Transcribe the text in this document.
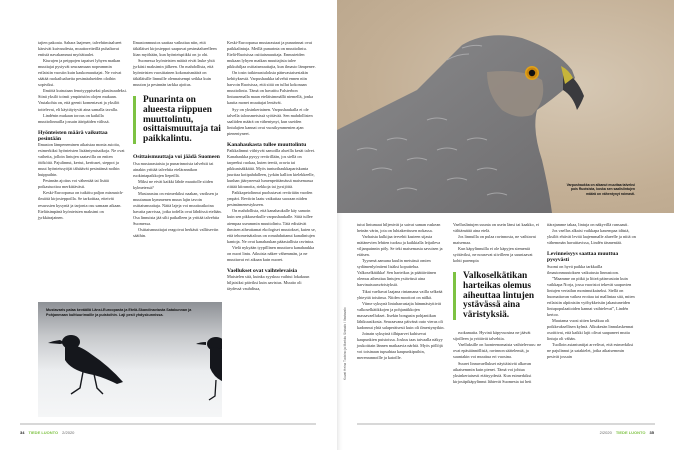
tajien pakoata. Sahara laajenee, talvehtimisalueet kärsivät kuivuudesta, muuttoreiteillä puhaltavat entistä navakammat myötätuulet.

Kiurujen ja peippojen tapaiset lyhyen matkan muuttajat pystyvät seuraamaan nopeammin erilaisiin vuosiin kuin kaukomuuttajat. Ne voivat säätää ruokailualueita pesimäalueiden oloihin sopiviksi.

Ilmiötä kutsutaan fenotyyppiseksi plastisuudeksi. Siinä yksilö toimii ympäristön olojen mukaan. Vastakohta on, että geenit komentavat ja yksilöt tottelevat, eli käyttäytyvät aina samalla tavalla.

Lindénin mukaan torous on kaikilla muuttolinnuilla jossain ääripäiden välissä.

Hyönteisten määrä vaikuttaa pesintään

Ilmaston lämpeneminen aikaistaa monia asioita, esimerkiksi hyönteisten lisääntymisaikoja. Ne ovat vaiheita, jolloin lintujen saatavilla on eniten ötököitä. Pajulinnut, kertut, kerttuset, sieppot ja muut hyönteissyöjät tähtäävät pesintänsä noihin huippuihin.

Pesinnän ajoitus voi vähentää tai lisätä poikastuottoa merkittävästi.

Keski-Euroopassa on tutkittu paljon mismatch-ilmiötä kirjosieppoilla. Se tarkoittaa, etteivät resurssien kysyntä ja tarjonta osu samaan aikaan. Eteläisimpänä hyönteisten maksimi on jyrkkärajainen.

Ilmastonmuutos saattaa vaikuttaa niin, että täkäläiset kirjosieppot saapuvat pesimäalueelleen liian myöhään, kun hyönteispiikki on jo ohi.

Suomessa hyönteisten määrä eivät laske yhtä jyrkästi maksimin jälkeen. On mahdollista, että hyönteisten vuosittainen kokonaismäärä on täkäläisille linnuille olennaisempi seikka kuin muuton ja pesinnän tarkka ajoitus.

Punarinta on alueesta riippuen muuttolintu, osittaismuuttaja tai paikkalintu.
Osittaismuuttaja voi jäädä Suomeen

Osa mustarastaista ja punarinnoista talvehtii tai ainakin yrittää talvehtia etelärannikon ruokintapaikkojen liepeillä.

Miksi ne eivät kaikki lähde muuttolle siiden kylmetessä?

Mustarastas on esimerkiksi naakan, variksen ja muutaman kymmenen muun lajin tavoin osittaismuuttaja. Näitä lajeja voi muuttoaikoina havaita parvissa, jotka todella ovat lähdössä etelään. Osa linnuista jää silti paikalleen ja yrittää talvehtia Suomessa.

Osittaismuuttajat reagoivat herkästi vallitseviin sääihin.

Keski-Euroopassa mustarastaat ja punarinnat ovat paikkalintuja. Meillä punarinta on muuttolintu. Etelä-Ruotsissa osittaismuuttaja. Ennusteiden mukaan lyhyen matkan muuttajista tulee pikkuhiljaa osittaismuuttajia, kun ilmasto lämpenee.

On tosin tutkimustuloksia päinvastaisestakin kehityksestä. Varpushaukka talvehti ennen niin harvoin Ruotsissa, että siitä on tullut kokonaan muuttolintu. Tämä on havaittu Falsterbon lintuasemalla maan eteläisimmällä niemellä, jonka kautta monet muuttajat lentävät.

Syy on yksinkertainen. Varpushaukalla ei ole talvella talousmetsissä syötävää. Sen mahdollisten saaliiden määrä on vähentynyt, kun useiden lintulajien kannat ovat vuosikymmenien ajan pienentyneet.

Kanahaukasta tullee muuttolintu

Paikkalinnut viihtyvät samoilla alueilla kesät talvet. Kanahaukka pysyy reviirillään, jos siellä on tarpeeksi ruokaa, kuten teeriä, oravia tai pikkunisäkkäitä. Myös tunturihaukkapariskunta juurttaa kotipahdalleen, jyrkän kallion kielekkeelle, kunhan jääryneessä lumenpeittämässä maisemassa riittää kiirunoita, riekkoja tai jyrsijöitä.

Paikkapetolinnut puolustavat reviiriään vuoden ympäri. Reviirin laatu vaikuttaa suoraan niiden pesimämenestykseen.

On mahdollista, että kanahaukalle käy samoin kuin sen pikkuserkulle varpushaukalle. Siitä tullee aiempaa useammin muuttolintu. Tätä edistävät ihmisen aiheuttamat ekologiset muutokset, kuten se, että tehometsätalous on romahduttanut kanalintujen kantoja. Ne ovat kanahaukan pääasiallista ravintoa.

Vielä nykyään tyypillinen muuttava kanahaukka on nuori lintu. Aikuisia näkee vähemmän, ja ne muuttavat eri aikaan kuin nuoret.

Vaellukset ovat vaihtelevaisia

Muistelen sitä, kuinka syyskuu vaihtui lokakuun hiljaisiksi päiviksi kuin aavistus. Muutto oli täydessä vauhdissa,

Mustavaris palaa keväällä Länsi-Euroopasta ja Etelä-Skandinaviasta Satakunnan ja Pohjanmaan kulttuurimaille ja puistoihin. Laji pesii yhdyskunnissa.
34 TIEDE LUONTO 2/2020
Varpushaukka on alkanut muuttaa talveksi pois Ruotsista, koska sen saalislintujen määrä on vähentynyt roimasti.
Kuvat Heinz Tuohino ja Markku Sinisalo / Vastavalo

tutut lintumaat hiljenivät ja saivat saman ruskean heinän värin, jota on luhtakerttusen nokassa.

Varhaista kulkijaa tervehti kasteen sijasta mätänevien lehtien tuoksu ja kaikkialla leijaileva viljanpuinnin pöly. Se teki maisemasta savuisen ja etäisen.

Tyynenä aamuna kuulin metsässä omien sydämenlyöntieni lisäksi koputtelua. Valkoselkätikka! Sen harteikas ja päättäväinen olemus aiheuttaa lintujen ystävässä aina harvinaisuusväristyksiä.

Tikat vaeltavat laajana rintamana vailla selkeää yhteyttä toisiinsa. Niiden moottori on nälkä.

Viime syksynä lintuharrastajia hämmästyttivät valkoselkätikkojen ja pohjantikkojen massavaellukset. Itsekin bongasin pohjantikan lähikuusikosta. Seuraavana päivänä outo vieras oli kadonnut yhtä salaperäisesti kuin oli ilmestynytkin.

Joinain syksyinä tilhiparvet kuhisevat kaupunkien puistoissa. Joskus taas taivaalla näkyy joukoittain lännen matkaavia närhiä. Myös pöllöjä voi toisinaan tupsahtaa kaupunkipuihin, merenrannoille ja katoille.

Vaelluslintujen suunta on usein länsi tai kaakko, ei välttämättä aina etelä.

Jos linnuilla on pulaa ravinnosta, ne vaihtavat maisemaa.

Kun käpylinnuilla ei ole käpyjen siemeniä syötäviksi, ne nousevat siivilleen ja suuntaavat kohti parempia

Valkoselkätikan harteikas olemus aiheuttaa lintujen ystävässä aina väristyksiä.

ruokamaita. Hyvinä käpyvuosina ne jäävät sijoilleen ja yrittävät talvehtia.

Vaelluksille on luonteenomaista vaihtelevuus: ne ovat epäsäännöllisiä, ravinnon säätelemiä, ja suuntakin voi muuttua eri vuosina.

Suuret linnuvaellukset näyttäisivät alkavan aikaisemmin kuin pienet. Tämä voi johtua yksinkertaisesti etäisyydestä. Kun esimerkiksi kirjosiipikäpylinnut lähtevät Suomesta tai heti

itärajamme takaa, lintuja on näkyvillä runsaasti.

Jos vaellus alkaisi vaikkapa kauempaa idästä, yksilöt ehtivät levitä laajemmalle alueelle ja niitä on vähemmän havaittavissa, Lindén täsmentää.

Levinneisyys saattaa muuttua pysyvästi

Suomi on hyvä paikka tarkkailla ilmastonmuutoksen vaikutusta linnustoon.

”Maamme on pitkä ja litteä päinvastoin kuin vaikkapa Norja, jossa vuoristot tekevät saapuvien lintujen vertailun monimutkaiseksi. Siellä on huomattavan vaikea erottaa tai mallintaa sitä, miten erilaisiin alpiinisiin vyöhykkeisiin jakautuneiden lintupopulaatioiden kannat vaihtelevat”, Lindén kertoo.

Muutama vuosi sitten kesäkuu oli poikkeuksellisen kylmä. Alkukesän linnulaskennat osoittivat, että kaikki lajit olivat saapuneet mutta lintuja oli vähän.

Tuolloin asiantuntijat arvelivat, että esimerkiksi ne pajulinnut ja satakielet, jotka aikaisemmin pesivät jossain

2/2020 TIEDE LUONTO 35
